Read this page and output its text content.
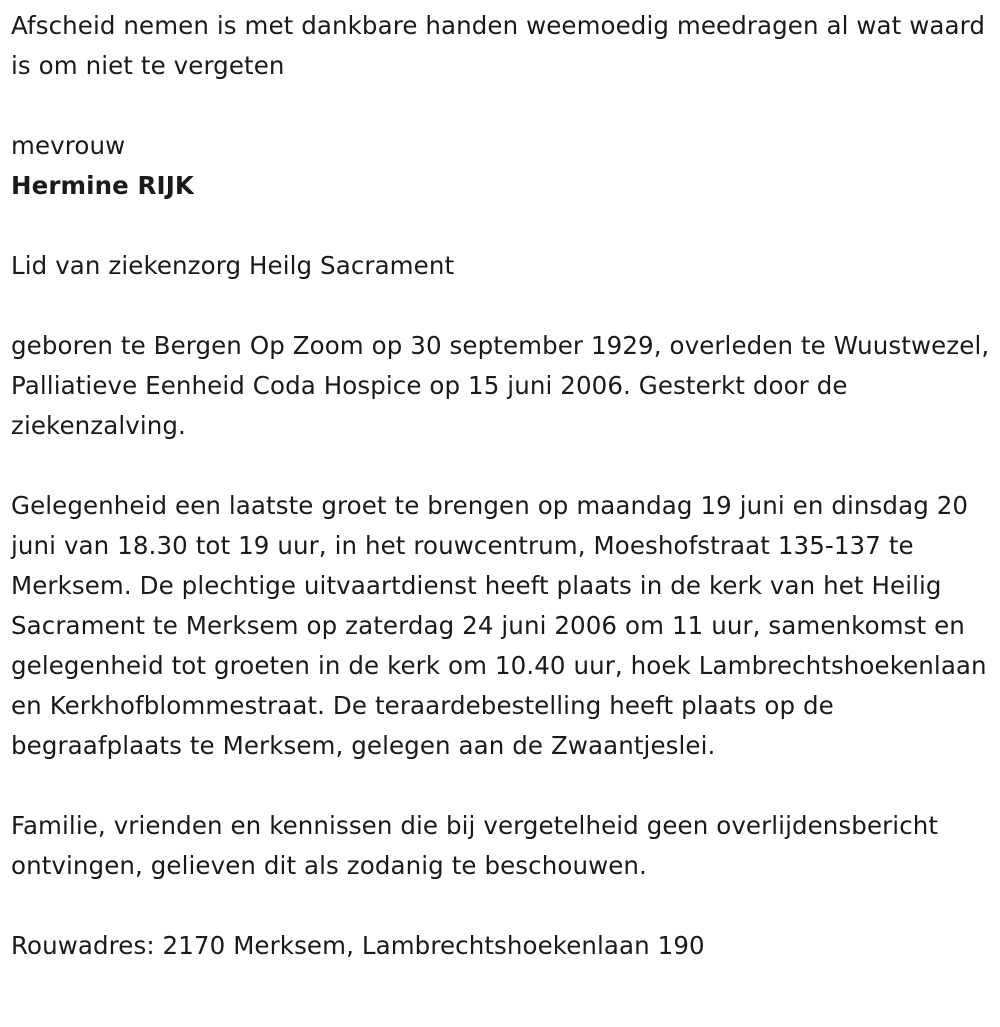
Afscheid nemen is met dankbare handen weemoedig meedragen al wat waard is om niet te vergeten

mevrouw

Hermine RIJK

Lid van ziekenzorg Heilg Sacrament

geboren te Bergen Op Zoom op 30 september 1929, overleden te Wuustwezel, Palliatieve Eenheid Coda Hospice op 15 juni 2006. Gesterkt door de ziekenzalving.

Gelegenheid een laatste groet te brengen op maandag 19 juni en dinsdag 20 juni van 18.30 tot 19 uur, in het rouwcentrum, Moeshofstraat 135-137 te Merksem. De plechtige uitvaartdienst heeft plaats in de kerk van het Heilig Sacrament te Merksem op zaterdag 24 juni 2006 om 11 uur, samenkomst en gelegenheid tot groeten in de kerk om 10.40 uur, hoek Lambrechtshoekenlaan en Kerkhofblommestraat. De teraardebestelling heeft plaats op de begraafplaats te Merksem, gelegen aan de Zwaantjeslei.

Familie, vrienden en kennissen die bij vergetelheid geen overlijdensbericht ontvingen, gelieven dit als zodanig te beschouwen.

Rouwadres: 2170 Merksem, Lambrechtshoekenlaan 190
